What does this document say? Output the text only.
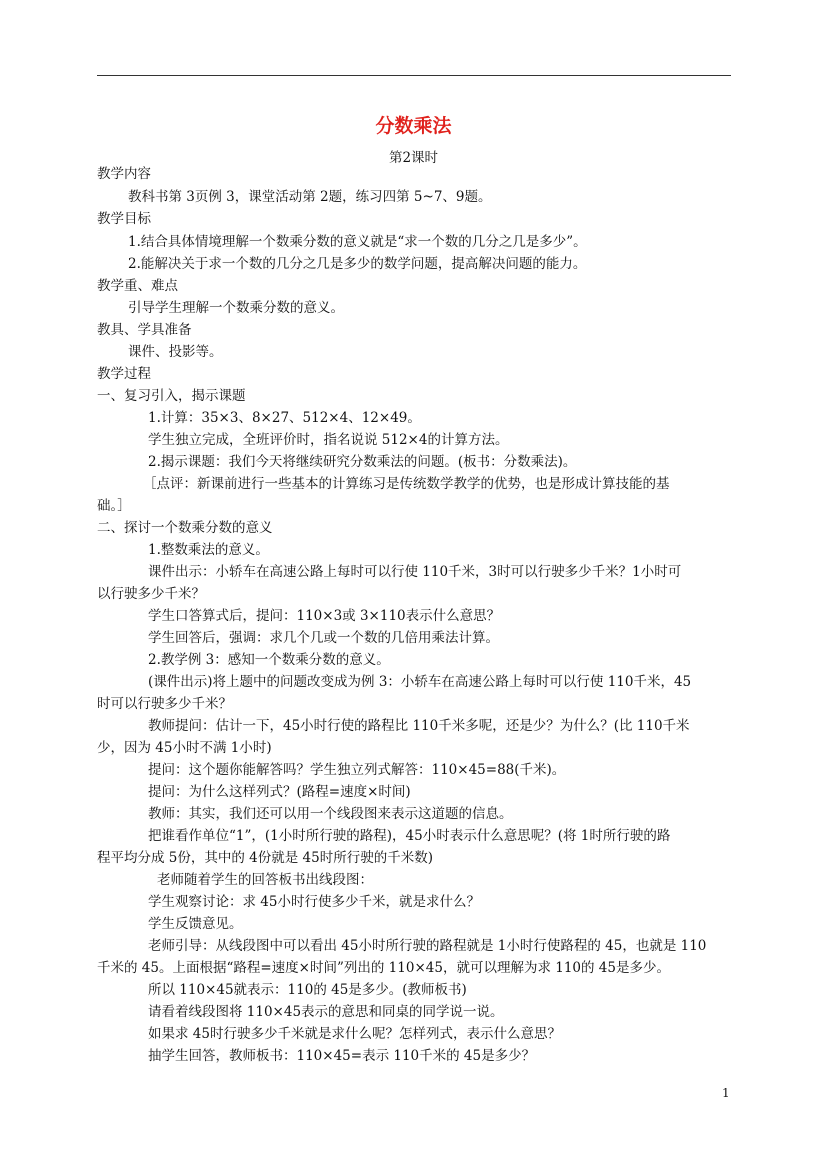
分数乘法
第2课时
教学内容
教科书第 3页例 3，课堂活动第 2题，练习四第 5~7、9题。
教学目标
1.结合具体情境理解一个数乘分数的意义就是“求一个数的几分之几是多少”。
2.能解决关于求一个数的几分之几是多少的数学问题，提高解决问题的能力。
教学重、难点
引导学生理解一个数乘分数的意义。
教具、学具准备
课件、投影等。
教学过程
一、复习引入，揭示课题
1.计算：35×3、8×27、512×4、12×49。
学生独立完成，全班评价时，指名说说 512×4的计算方法。
2.揭示课题：我们今天将继续研究分数乘法的问题。(板书：分数乘法)。
［点评：新课前进行一些基本的计算练习是传统数学教学的优势，也是形成计算技能的基
础。］
二、探讨一个数乘分数的意义
1.整数乘法的意义。
课件出示：小轿车在高速公路上每时可以行使 110千米，3时可以行驶多少千米？1小时可
以行驶多少千米？
学生口答算式后，提问：110×3或 3×110表示什么意思？
学生回答后，强调：求几个几或一个数的几倍用乘法计算。
2.教学例 3：感知一个数乘分数的意义。
(课件出示)将上题中的问题改变成为例 3：小轿车在高速公路上每时可以行使 110千米，45
时可以行驶多少千米？
教师提问：估计一下，45小时行使的路程比 110千米多呢，还是少？为什么？(比 110千米
少，因为 45小时不满 1小时)
提问：这个题你能解答吗？学生独立列式解答：110×45=88(千米)。
提问：为什么这样列式？(路程=速度×时间)
教师：其实，我们还可以用一个线段图来表示这道题的信息。
把谁看作单位“1”，(1小时所行驶的路程)，45小时表示什么意思呢？(将 1时所行驶的路
程平均分成 5份，其中的 4份就是 45时所行驶的千米数)
老师随着学生的回答板书出线段图：
学生观察讨论：求 45小时行使多少千米，就是求什么？
学生反馈意见。
老师引导：从线段图中可以看出 45小时所行驶的路程就是 1小时行使路程的 45，也就是 110
千米的 45。上面根据“路程=速度×时间”列出的 110×45，就可以理解为求 110的 45是多少。
所以 110×45就表示：110的 45是多少。(教师板书)
请看着线段图将 110×45表示的意思和同桌的同学说一说。
如果求 45时行驶多少千米就是求什么呢？怎样列式，表示什么意思？
抽学生回答，教师板书：110×45=表示 110千米的 45是多少？
1
